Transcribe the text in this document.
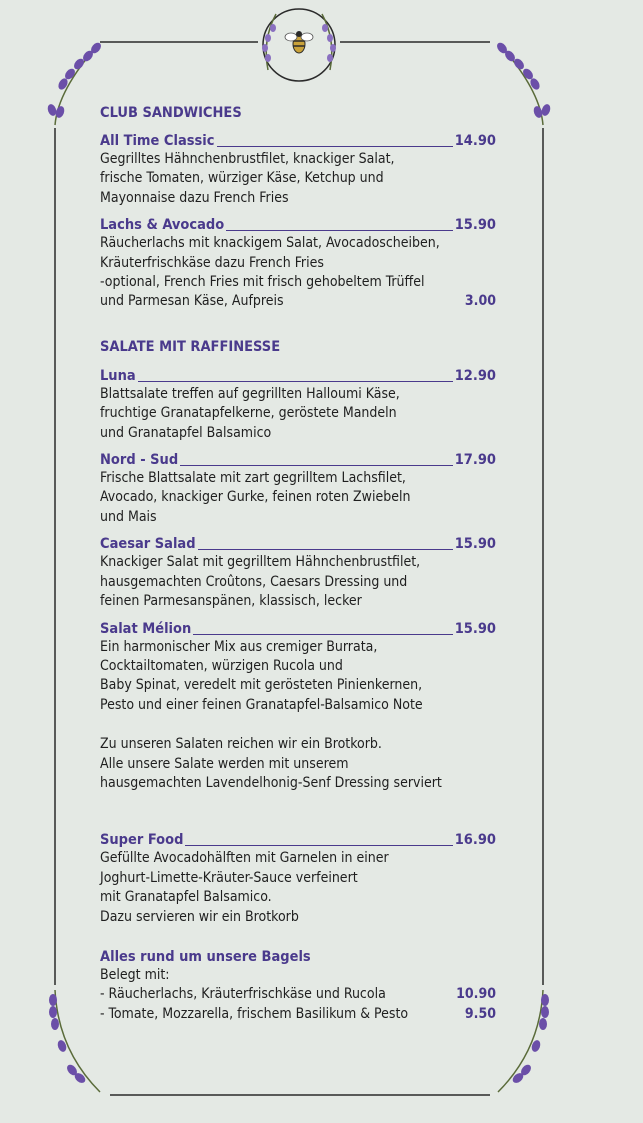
CLUB SANDWICHES
All Time Classic	14.90
Gegrilltes Hähnchenbrustfilet, knackiger Salat,
frische Tomaten, würziger Käse, Ketchup und
Mayonnaise dazu French Fries
Lachs & Avocado	15.90
Räucherlachs mit knackigem Salat, Avocadoscheiben,
Kräuterfrischkäse dazu French Fries
-optional, French Fries mit frisch gehobeltem Trüffel
und Parmesan Käse, Aufpreis	3.00
SALATE MIT RAFFINESSE
Luna	12.90
Blattsalate treffen auf gegrillten Halloumi Käse,
fruchtige Granatapfelkerne, geröstete Mandeln
und Granatapfel Balsamico
Nord - Sud	17.90
Frische Blattsalate mit zart gegrilltem Lachsfilet,
Avocado, knackiger Gurke, feinen roten Zwiebeln
und Mais
Caesar Salad	15.90
Knackiger Salat mit gegrilltem Hähnchenbrustfilet,
hausgemachten Croûtons, Caesars Dressing und
feinen Parmesanspänen, klassisch, lecker
Salat Mélion	15.90
Ein harmonischer Mix aus cremiger Burrata,
Cocktailtomaten, würzigen Rucola und
Baby Spinat, veredelt mit gerösteten Pinienkernen,
Pesto und einer feinen Granatapfel-Balsamico Note
Zu unseren Salaten reichen wir ein Brotkorb.
Alle unsere Salate werden mit unserem
hausgemachten Lavendelhonig-Senf Dressing serviert
Super Food	16.90
Gefüllte Avocadohälften mit Garnelen in einer
Joghurt-Limette-Kräuter-Sauce verfeinert
mit Granatapfel Balsamico.
Dazu servieren wir ein Brotkorb
Alles rund um unsere Bagels
Belegt mit:
- Räucherlachs, Kräuterfrischkäse und Rucola	10.90
- Tomate, Mozzarella, frischem Basilikum & Pesto	9.50
